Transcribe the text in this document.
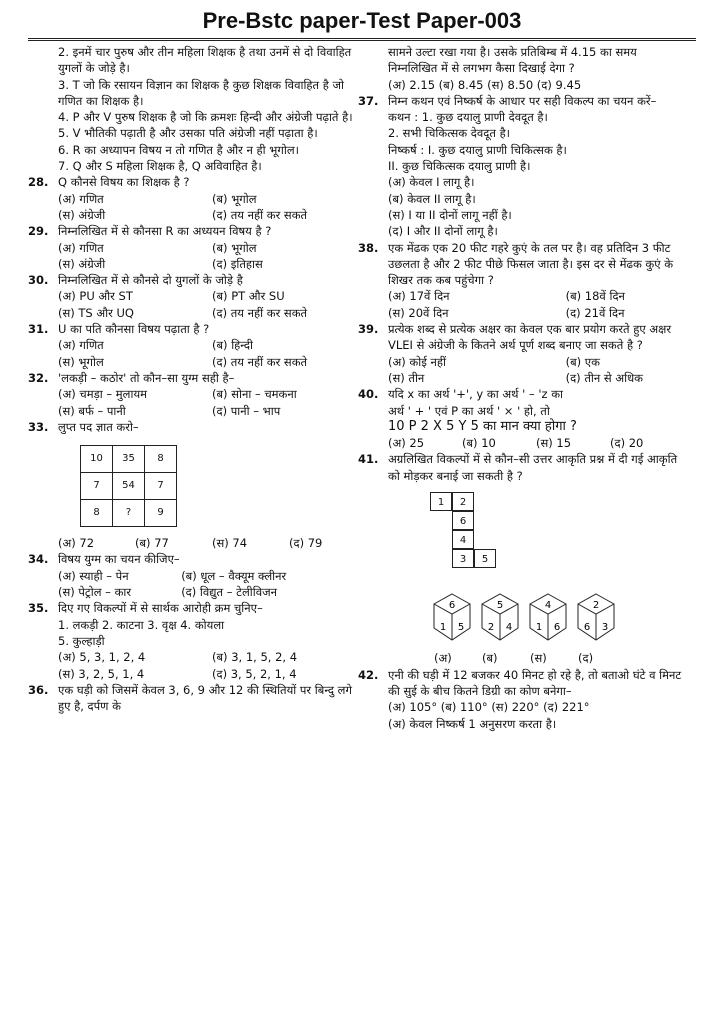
Pre-Bstc paper-Test Paper-003

2. इनमें चार पुरुष और तीन महिला शिक्षक है तथा उनमें से दो विवाहित युगलों के जोड़े है।

3. T जो कि रसायन विज्ञान का शिक्षक है कुछ शिक्षक विवाहित है जो गणित का शिक्षक है।

4. P और V पुरुष शिक्षक है जो कि क्रमशः हिन्दी और अंग्रेजी पढ़ाते है।

5. V भौतिकी पढ़ाती है और उसका पति अंग्रेजी नहीं पढ़ाता है।

6. R का अध्यापन विषय न तो गणित है और न ही भूगोल।

7. Q और S महिला शिक्षक है, Q अविवाहित है।

28. Q कौनसे विषय का शिक्षक है ?
(अ) गणित	(ब) भूगोल
(स) अंग्रेजी	(द) तय नहीं कर सकते
29. निम्नलिखित में से कौनसा R का अध्ययन विषय है ?
(अ) गणित	(ब) भूगोल
(स) अंग्रेजी	(द) इतिहास
30. निम्नलिखित में से कौनसे दो युगलों के जोड़े है
(अ) PU और ST	(ब) PT और SU
(स) TS और UQ	(द) तय नहीं कर सकते
31. U का पति कौनसा विषय पढ़ाता है ?
(अ) गणित	(ब) हिन्दी
(स) भूगोल	(द) तय नहीं कर सकते
32. 'लकड़ी – कठोर' तो कौन–सा युग्म सही है–
(अ) चमड़ा – मुलायम	(ब) सोना – चमकना
(स) बर्फ – पानी	(द) पानी – भाप
33. लुप्त पद ज्ञात करो–
10	35	8
7	54	7
8	?	9
(अ) 72	(ब) 77	(स) 74	(द) 79
34. विषय युग्म का चयन कीजिए–
(अ) स्याही – पेन	(ब) धूल – वैक्यूम क्लीनर
(स) पेट्रोल – कार	(द) विद्युत – टेलीविजन
35. दिए गए विकल्पों में से सार्थक आरोही क्रम चुनिए–

1. लकड़ी 2. काटना 3. वृक्ष 4. कोयला

5. कुल्हाड़ी

(अ) 5, 3, 1, 2, 4	(ब) 3, 1, 5, 2, 4
(स) 3, 2, 5, 1, 4	(द) 3, 5, 2, 1, 4
36. एक घड़ी को जिसमें केवल 3, 6, 9 और 12 की स्थितियों पर बिन्दु लगे हुए है, दर्पण के

सामने उल्टा रखा गया है। उसके प्रतिबिम्ब में 4.15 का समय निम्नलिखित में से लगभग कैसा दिखाई देगा ?

(अ) 2.15 (ब) 8.45 (स) 8.50 (द) 9.45

37. निम्न कथन एवं निष्कर्ष के आधार पर सही विकल्प का चयन करें–

कथन : 1. कुछ दयालु प्राणी देवदूत है।

2. सभी चिकित्सक देवदूत है।

निष्कर्ष : I. कुछ दयालु प्राणी चिकित्सक है।

II. कुछ चिकित्सक दयालु प्राणी है।

(अ) केवल I लागू है।

(ब) केवल II लागू है।

(स) I या II दोनों लागू नहीं है।

(द) I और II दोनों लागू है।

38. एक मेंढक एक 20 फीट गहरे कुएं के तल पर है। वह प्रतिदिन 3 फीट उछलता है और 2 फीट पीछे फिसल जाता है। इस दर से मेंढक कुएं के शिखर तक कब पहुंचेगा ?
(अ) 17वें दिन	(ब) 18वें दिन
(स) 20वें दिन	(द) 21वें दिन
39. प्रत्येक शब्द से प्रत्येक अक्षर का केवल एक बार प्रयोग करते हुए अक्षर VLEI से अंग्रेजी के कितने अर्थ पूर्ण शब्द बनाए जा सकते है ?
(अ) कोई नहीं	(ब) एक
(स) तीन	(द) तीन से अधिक
40. यदि x का अर्थ '+', y का अर्थ ' – 'z का

अर्थ ' + ' एवं P का अर्थ ' × ' हो, तो

10 P 2 X 5 Y 5 का मान क्या होगा ?

(अ) 25	(ब) 10	(स) 15	(द) 20
41. अग्रलिखित विकल्पों में से कौन–सी उत्तर आकृति प्रश्न में दी गई आकृति को मोड़कर बनाई जा सकती है ?
1	2
6
4
3	5
6
1 5
5
2 4
4
1 6
2
6 3
(अ)	(ब)	(स)	(द)
42. एनी की घड़ी में 12 बजकर 40 मिनट हो रहे है, तो बताओ घंटे व मिनट की सुई के बीच कितने डिग्री का कोण बनेगा–

(अ) 105° (ब) 110° (स) 220° (द) 221°

(अ) केवल निष्कर्ष 1 अनुसरण करता है।
